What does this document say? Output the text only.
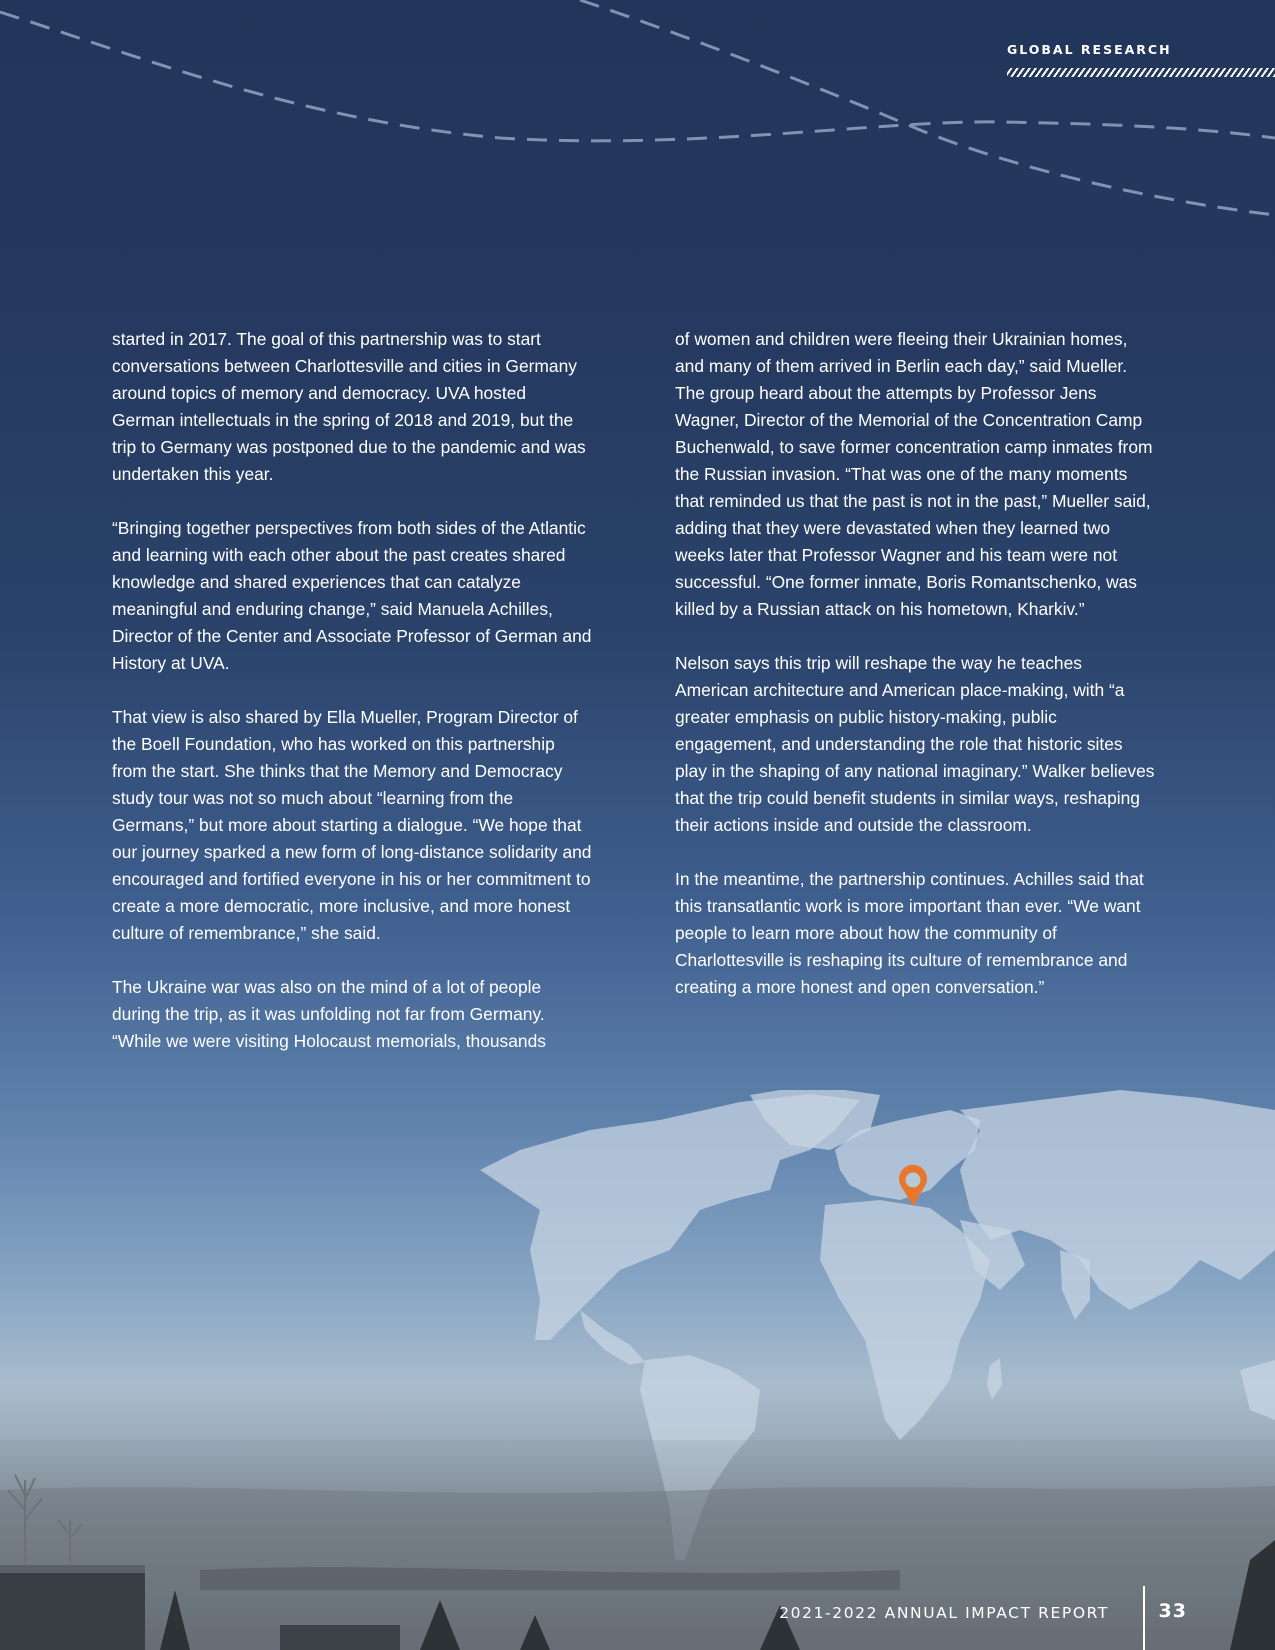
GLOBAL RESEARCH

started in 2017. The goal of this partnership was to start conversations between Charlottesville and cities in Germany around topics of memory and democracy. UVA hosted German intellectuals in the spring of 2018 and 2019, but the trip to Germany was postponed due to the pandemic and was undertaken this year.

“Bringing together perspectives from both sides of the Atlantic and learning with each other about the past creates shared knowledge and shared experiences that can catalyze meaningful and enduring change,” said Manuela Achilles, Director of the Center and Associate Professor of German and History at UVA.

That view is also shared by Ella Mueller, Program Director of the Boell Foundation, who has worked on this partnership from the start. She thinks that the Memory and Democracy study tour was not so much about “learning from the Germans,” but more about starting a dialogue. “We hope that our journey sparked a new form of long-distance solidarity and encouraged and fortified everyone in his or her commitment to create a more democratic, more inclusive, and more honest culture of remembrance,” she said.

The Ukraine war was also on the mind of a lot of people during the trip, as it was unfolding not far from Germany. “While we were visiting Holocaust memorials, thousands

of women and children were fleeing their Ukrainian homes, and many of them arrived in Berlin each day,” said Mueller. The group heard about the attempts by Professor Jens Wagner, Director of the Memorial of the Concentration Camp Buchenwald, to save former concentration camp inmates from the Russian invasion. “That was one of the many moments that reminded us that the past is not in the past,” Mueller said, adding that they were devastated when they learned two weeks later that Professor Wagner and his team were not successful. “One former inmate, Boris Romantschenko, was killed by a Russian attack on his hometown, Kharkiv.”

Nelson says this trip will reshape the way he teaches American architecture and American place-making, with “a greater emphasis on public history-making, public engagement, and understanding the role that historic sites play in the shaping of any national imaginary.” Walker believes that the trip could benefit students in similar ways, reshaping their actions inside and outside the classroom.

In the meantime, the partnership continues. Achilles said that this transatlantic work is more important than ever. “We want people to learn more about how the community of Charlottesville is reshaping its culture of remembrance and creating a more honest and open conversation.”

2021-2022 ANNUAL IMPACT REPORT	33
